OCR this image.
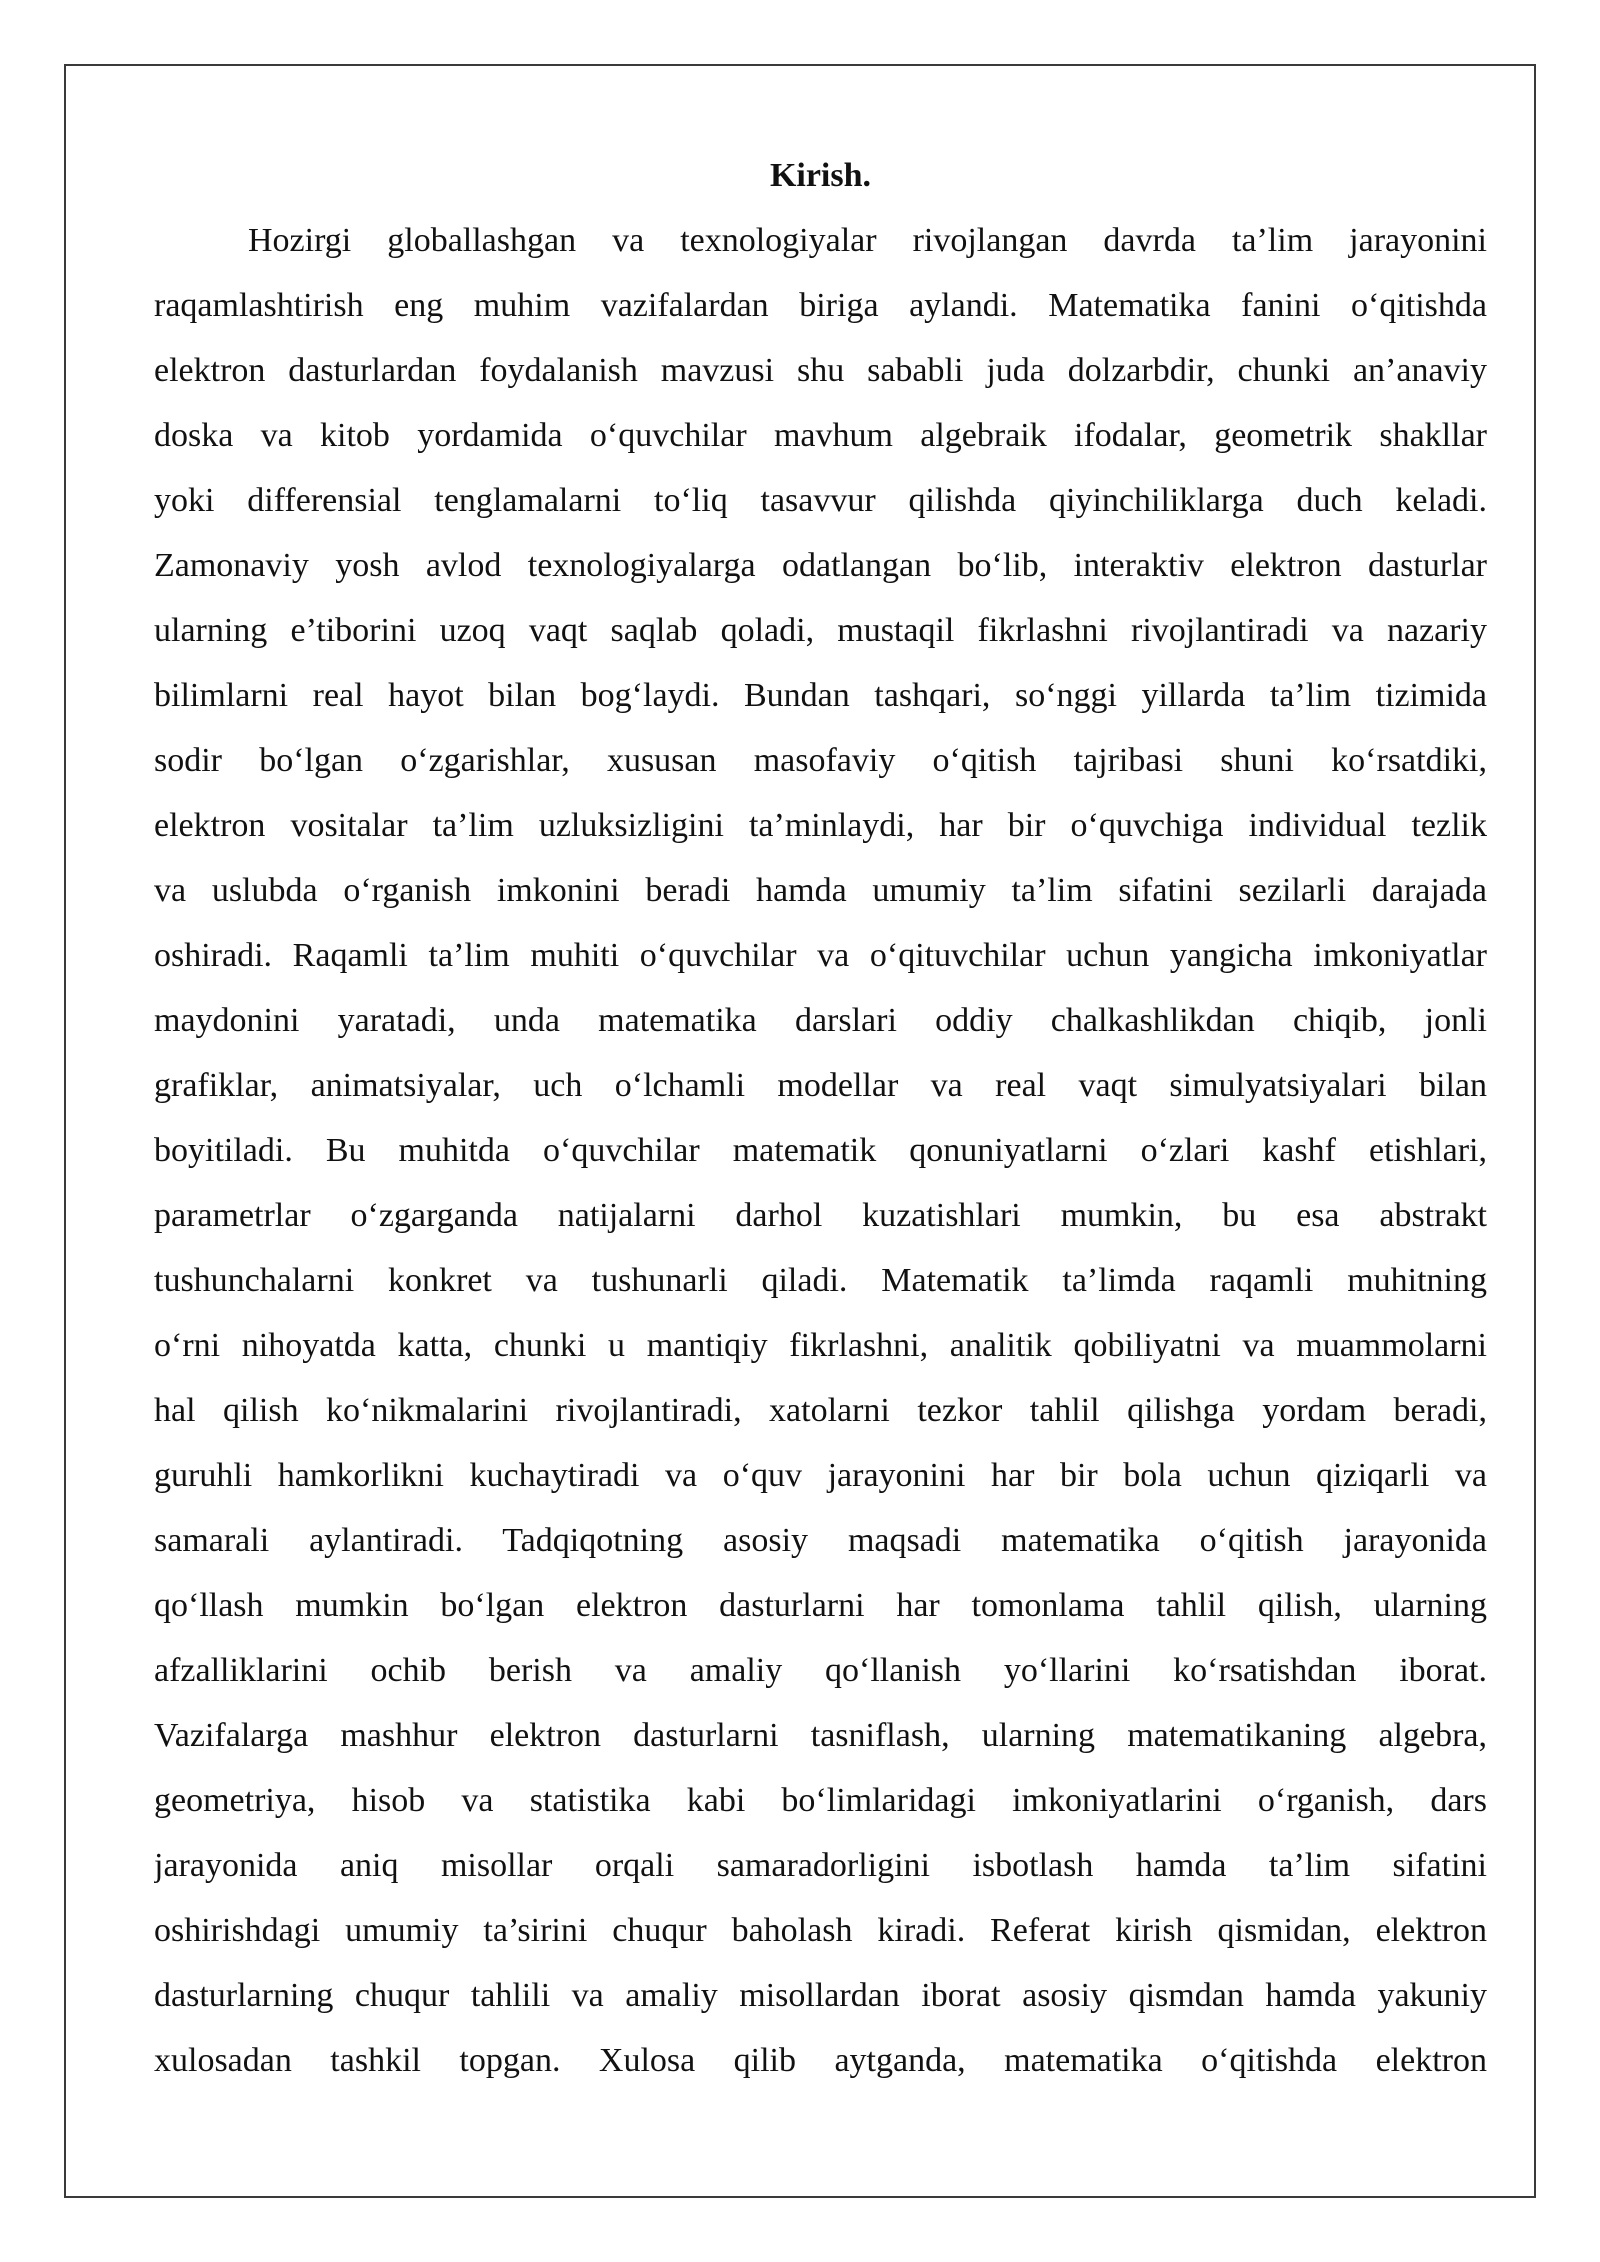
Kirish.
Hozirgi globallashgan va texnologiyalar rivojlangan davrda ta’lim jarayonini
raqamlashtirish eng muhim vazifalardan biriga aylandi. Matematika fanini o‘qitishda
elektron dasturlardan foydalanish mavzusi shu sababli juda dolzarbdir, chunki an’anaviy
doska va kitob yordamida o‘quvchilar mavhum algebraik ifodalar, geometrik shakllar
yoki differensial tenglamalarni to‘liq tasavvur qilishda qiyinchiliklarga duch keladi.
Zamonaviy yosh avlod texnologiyalarga odatlangan bo‘lib, interaktiv elektron dasturlar
ularning e’tiborini uzoq vaqt saqlab qoladi, mustaqil fikrlashni rivojlantiradi va nazariy
bilimlarni real hayot bilan bog‘laydi. Bundan tashqari, so‘nggi yillarda ta’lim tizimida
sodir bo‘lgan o‘zgarishlar, xususan masofaviy o‘qitish tajribasi shuni ko‘rsatdiki,
elektron vositalar ta’lim uzluksizligini ta’minlaydi, har bir o‘quvchiga individual tezlik
va uslubda o‘rganish imkonini beradi hamda umumiy ta’lim sifatini sezilarli darajada
oshiradi. Raqamli ta’lim muhiti o‘quvchilar va o‘qituvchilar uchun yangicha imkoniyatlar
maydonini yaratadi, unda matematika darslari oddiy chalkashlikdan chiqib, jonli
grafiklar, animatsiyalar, uch o‘lchamli modellar va real vaqt simulyatsiyalari bilan
boyitiladi. Bu muhitda o‘quvchilar matematik qonuniyatlarni o‘zlari kashf etishlari,
parametrlar o‘zgarganda natijalarni darhol kuzatishlari mumkin, bu esa abstrakt
tushunchalarni konkret va tushunarli qiladi. Matematik ta’limda raqamli muhitning
o‘rni nihoyatda katta, chunki u mantiqiy fikrlashni, analitik qobiliyatni va muammolarni
hal qilish ko‘nikmalarini rivojlantiradi, xatolarni tezkor tahlil qilishga yordam beradi,
guruhli hamkorlikni kuchaytiradi va o‘quv jarayonini har bir bola uchun qiziqarli va
samarali aylantiradi. Tadqiqotning asosiy maqsadi matematika o‘qitish jarayonida
qo‘llash mumkin bo‘lgan elektron dasturlarni har tomonlama tahlil qilish, ularning
afzalliklarini ochib berish va amaliy qo‘llanish yo‘llarini ko‘rsatishdan iborat.
Vazifalarga mashhur elektron dasturlarni tasniflash, ularning matematikaning algebra,
geometriya, hisob va statistika kabi bo‘limlaridagi imkoniyatlarini o‘rganish, dars
jarayonida aniq misollar orqali samaradorligini isbotlash hamda ta’lim sifatini
oshirishdagi umumiy ta’sirini chuqur baholash kiradi. Referat kirish qismidan, elektron
dasturlarning chuqur tahlili va amaliy misollardan iborat asosiy qismdan hamda yakuniy
xulosadan tashkil topgan. Xulosa qilib aytganda, matematika o‘qitishda elektron
